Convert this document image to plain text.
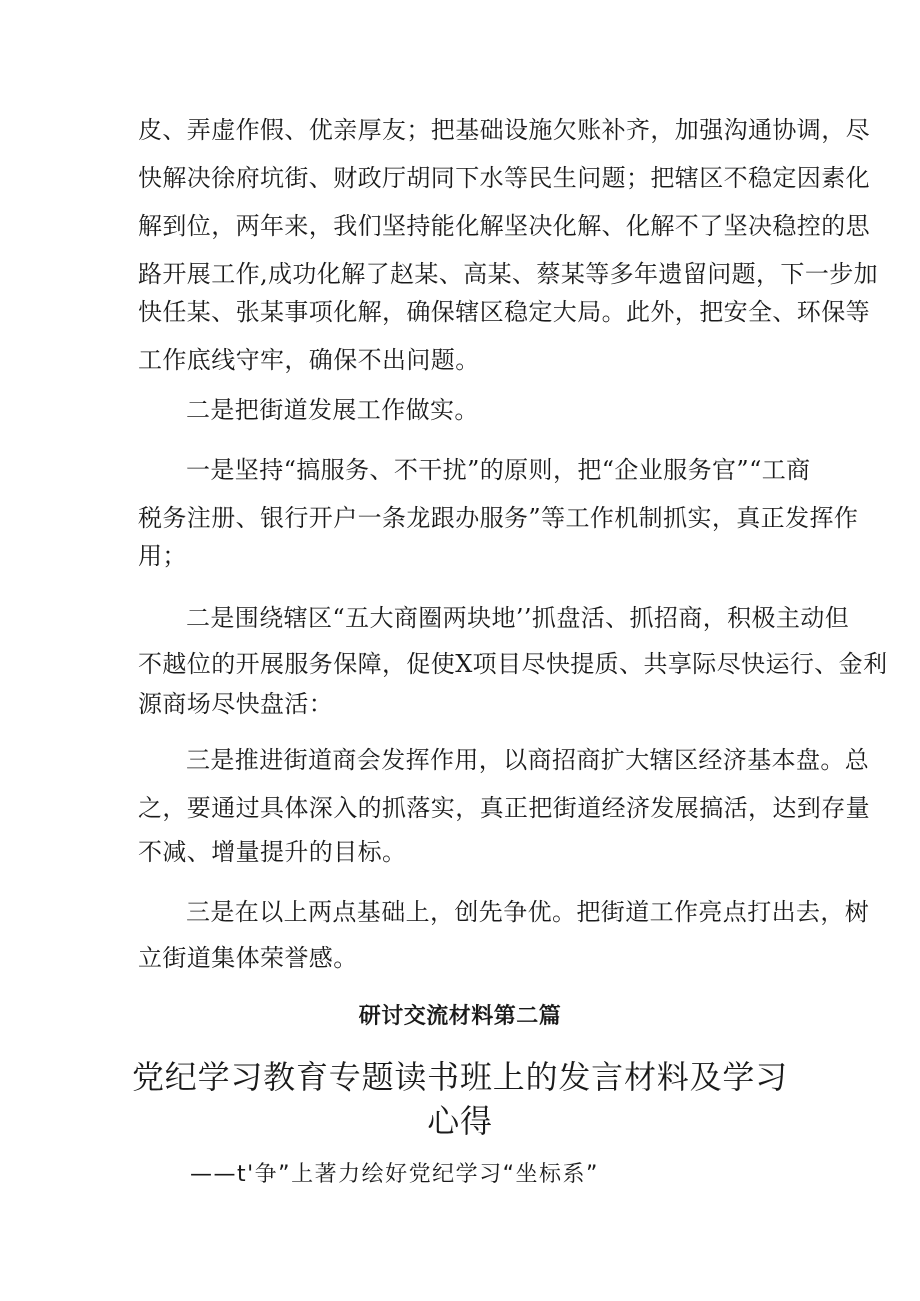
皮、弄虚作假、优亲厚友；把基础设施欠账补齐，加强沟通协调，尽
快解决徐府坑街、财政厅胡同下水等民生问题；把辖区不稳定因素化
解到位，两年来，我们坚持能化解坚决化解、化解不了坚决稳控的思
路开展工作,成功化解了赵某、高某、蔡某等多年遗留问题，下一步加
快任某、张某事项化解，确保辖区稳定大局。此外，把安全、环保等
工作底线守牢，确保不出问题。
二是把街道发展工作做实。
一是坚持“搞服务、不干扰”的原则，把“企业服务官”“工商
税务注册、银行开户一条龙跟办服务”等工作机制抓实，真正发挥作
用；
二是围绕辖区“五大商圈两块地’’抓盘活、抓招商，积极主动但
不越位的开展服务保障，促使X项目尽快提质、共享际尽快运行、金利
源商场尽快盘活：
三是推进街道商会发挥作用，以商招商扩大辖区经济基本盘。总
之，要通过具体深入的抓落实，真正把街道经济发展搞活，达到存量
不减、增量提升的目标。
三是在以上两点基础上，创先争优。把街道工作亮点打出去，树
立街道集体荣誉感。
研讨交流材料第二篇
党纪学习教育专题读书班上的发言材料及学习
心得
——t'争”上著力绘好党纪学习“坐标系”
